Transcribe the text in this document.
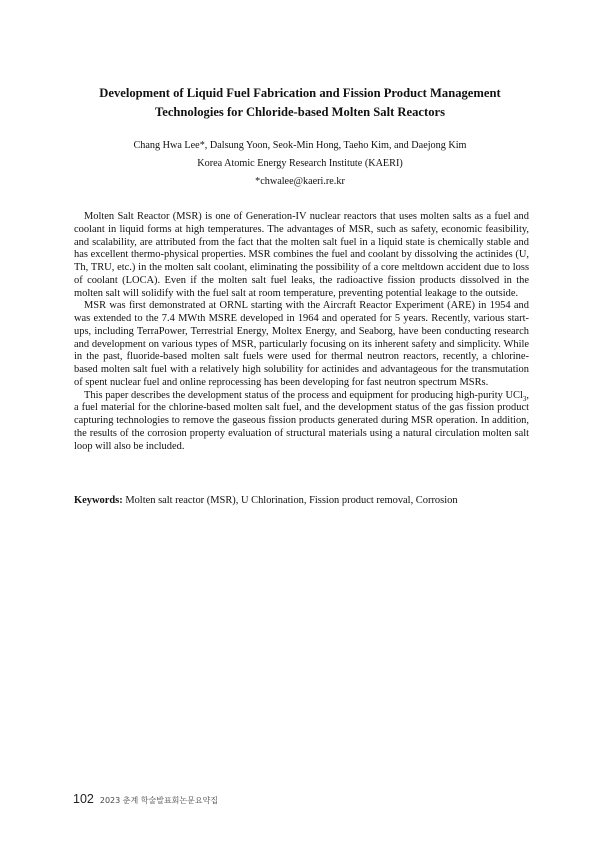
Development of Liquid Fuel Fabrication and Fission Product Management
Technologies for Chloride-based Molten Salt Reactors
Chang Hwa Lee*, Dalsung Yoon, Seok-Min Hong, Taeho Kim, and Daejong Kim
Korea Atomic Energy Research Institute (KAERI)
*chwalee@kaeri.re.kr

Molten Salt Reactor (MSR) is one of Generation-IV nuclear reactors that uses molten salts as a fuel and coolant in liquid forms at high temperatures. The advantages of MSR, such as safety, economic feasibility, and scalability, are attributed from the fact that the molten salt fuel in a liquid state is chemically stable and has excellent thermo-physical properties. MSR combines the fuel and coolant by dissolving the actinides (U, Th, TRU, etc.) in the molten salt coolant, eliminating the possibility of a core meltdown accident due to loss of coolant (LOCA). Even if the molten salt fuel leaks, the radioactive fission products dissolved in the molten salt will solidify with the fuel salt at room temperature, preventing potential leakage to the outside.

MSR was first demonstrated at ORNL starting with the Aircraft Reactor Experiment (ARE) in 1954 and was extended to the 7.4 MWth MSRE developed in 1964 and operated for 5 years. Recently, various start-ups, including TerraPower, Terrestrial Energy, Moltex Energy, and Seaborg, have been conducting research and development on various types of MSR, particularly focusing on its inherent safety and simplicity. While in the past, fluoride-based molten salt fuels were used for thermal neutron reactors, recently, a chlorine-based molten salt fuel with a relatively high solubility for actinides and advantageous for the transmutation of spent nuclear fuel and online reprocessing has been developing for fast neutron spectrum MSRs.

This paper describes the development status of the process and equipment for producing high-purity UCl$_3$, a fuel material for the chlorine-based molten salt fuel, and the development status of the gas fission product capturing technologies to remove the gaseous fission products generated during MSR operation. In addition, the results of the corrosion property evaluation of structural materials using a natural circulation molten salt loop will also be included.

Keywords: Molten salt reactor (MSR), U Chlorination, Fission product removal, Corrosion
102 2023 춘계 학술발표회논문요약집
